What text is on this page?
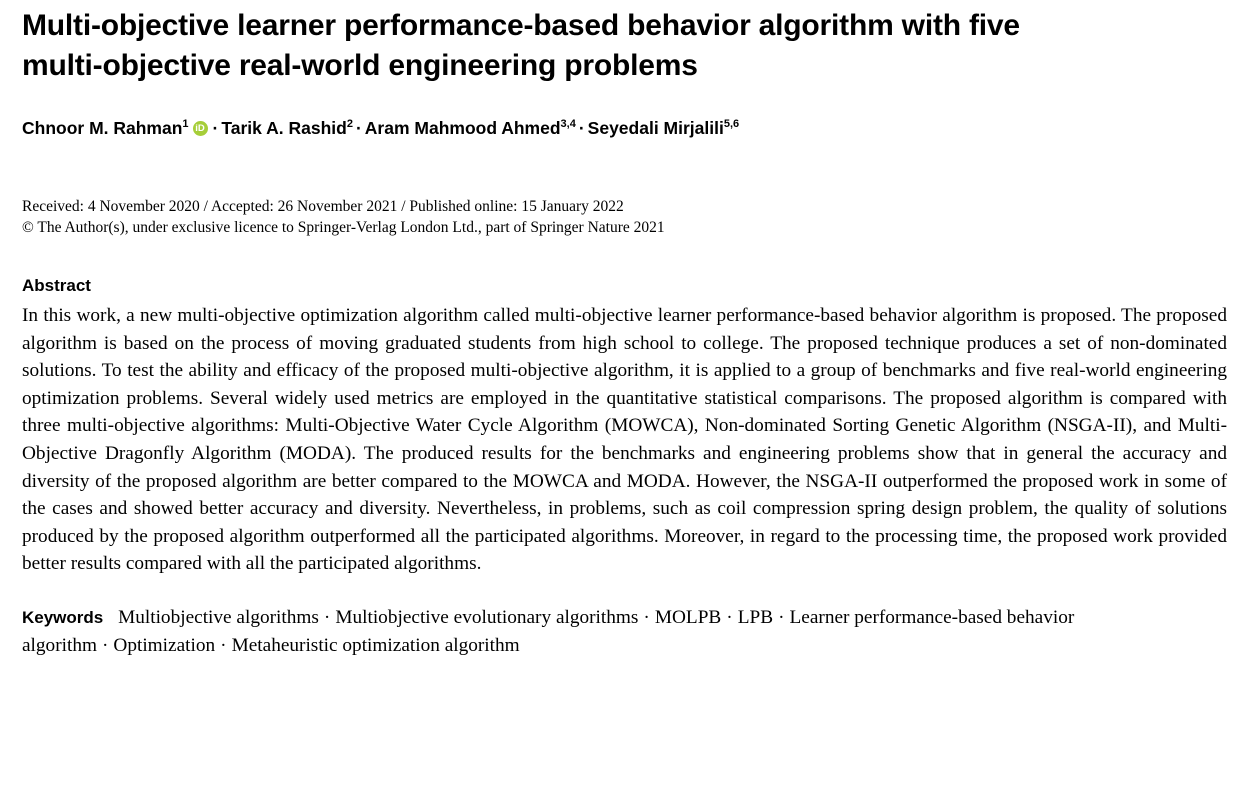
Multi-objective learner performance-based behavior algorithm with five multi-objective real-world engineering problems
Chnoor M. Rahman$^1$ iD · Tarik A. Rashid$^2$ · Aram Mahmood Ahmed$^{3,4}$ · Seyedali Mirjalili$^{5,6}$
Received: 4 November 2020 / Accepted: 26 November 2021 / Published online: 15 January 2022
© The Author(s), under exclusive licence to Springer-Verlag London Ltd., part of Springer Nature 2021
Abstract

In this work, a new multi-objective optimization algorithm called multi-objective learner performance-based behavior algorithm is proposed. The proposed algorithm is based on the process of moving graduated students from high school to college. The proposed technique produces a set of non-dominated solutions. To test the ability and efficacy of the proposed multi-objective algorithm, it is applied to a group of benchmarks and five real-world engineering optimization problems. Several widely used metrics are employed in the quantitative statistical comparisons. The proposed algorithm is compared with three multi-objective algorithms: Multi-Objective Water Cycle Algorithm (MOWCA), Non-dominated Sorting Genetic Algorithm (NSGA-II), and Multi-Objective Dragonfly Algorithm (MODA). The produced results for the benchmarks and engineering problems show that in general the accuracy and diversity of the proposed algorithm are better compared to the MOWCA and MODA. However, the NSGA-II outperformed the proposed work in some of the cases and showed better accuracy and diversity. Nevertheless, in problems, such as coil compression spring design problem, the quality of solutions produced by the proposed algorithm outperformed all the participated algorithms. Moreover, in regard to the processing time, the proposed work provided better results compared with all the participated algorithms.

Keywords Multiobjective algorithms · Multiobjective evolutionary algorithms · MOLPB · LPB · Learner performance-based behavior algorithm · Optimization · Metaheuristic optimization algorithm
